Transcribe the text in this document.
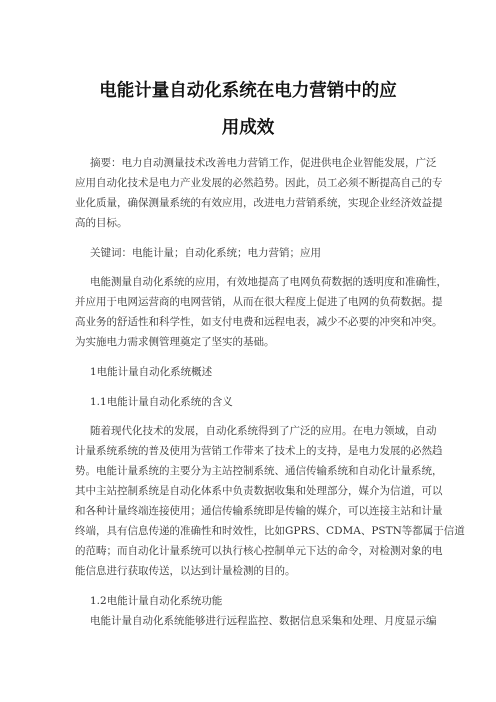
电能计量自动化系统在电力营销中的应
用成效
摘要：电力自动测量技术改善电力营销工作，促进供电企业智能发展，广泛
应用自动化技术是电力产业发展的必然趋势。因此，员工必须不断提高自己的专
业化质量，确保测量系统的有效应用，改进电力营销系统，实现企业经济效益提
高的目标。
关键词：电能计量；自动化系统；电力营销；应用
电能测量自动化系统的应用，有效地提高了电网负荷数据的透明度和准确性，
并应用于电网运营商的电网营销，从而在很大程度上促进了电网的负荷数据。提
高业务的舒适性和科学性，如支付电费和远程电表，减少不必要的冲突和冲突。
为实施电力需求侧管理奠定了坚实的基础。
1电能计量自动化系统概述
1.1电能计量自动化系统的含义
随着现代化技术的发展，自动化系统得到了广泛的应用。在电力领域，自动
计量系统系统的普及使用为营销工作带来了技术上的支持，是电力发展的必然趋
势。电能计量系统的主要分为主站控制系统、通信传输系统和自动化计量系统，
其中主站控制系统是自动化体系中负责数据收集和处理部分，媒介为信道，可以
和各种计量终端连接使用；通信传输系统即是传输的媒介，可以连接主站和计量
终端，具有信息传递的准确性和时效性，比如GPRS、CDMA、PSTN等都属于信道
的范畴；而自动化计量系统可以执行核心控制单元下达的命令，对检测对象的电
能信息进行获取传送，以达到计量检测的目的。
1.2电能计量自动化系统功能
电能计量自动化系统能够进行远程监控、数据信息采集和处理、月度显示编
